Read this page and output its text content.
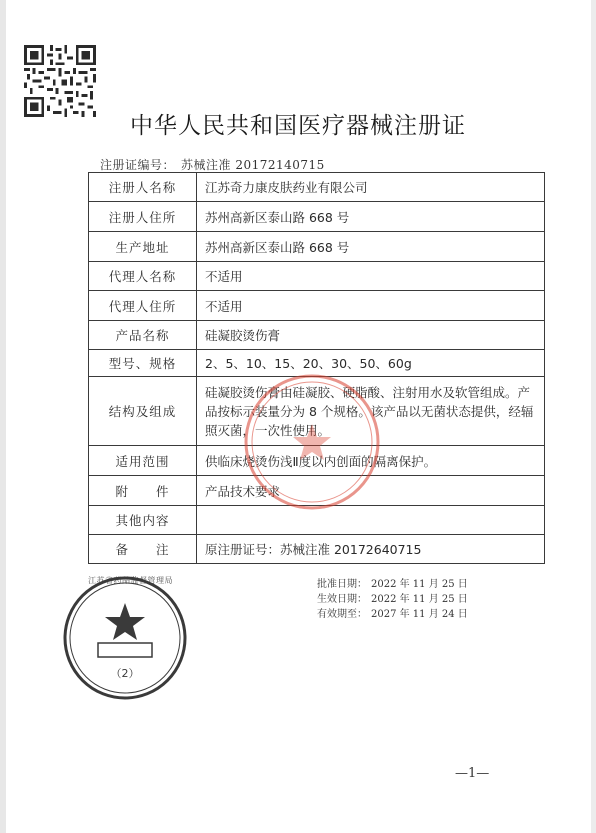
中华人民共和国医疗器械注册证
注册证编号： 苏械注准 20172140715
注册人名称	江苏奇力康皮肤药业有限公司
注册人住所	苏州高新区泰山路 668 号
生产地址	苏州高新区泰山路 668 号
代理人名称	不适用
代理人住所	不适用
产品名称	硅凝胶烫伤膏
型号、规格	2、5、10、15、20、30、50、60g
结构及组成	硅凝胶烫伤膏由硅凝胶、硬脂酸、注射用水及软管组成。产品按标示装量分为 8 个规格。该产品以无菌状态提供，经辐照灭菌，一次性使用。
适用范围	供临床烧烫伤浅Ⅱ度以内创面的隔离保护。
附　　件	产品技术要求
其他内容	
备　　注	原注册证号：苏械注准 20172640715
江苏省药品监督管理局	批准日期： 2022 年 11 月 25 日
生效日期： 2022 年 11 月 25 日
有效期至： 2027 年 11 月 24 日
（2）
—1—
